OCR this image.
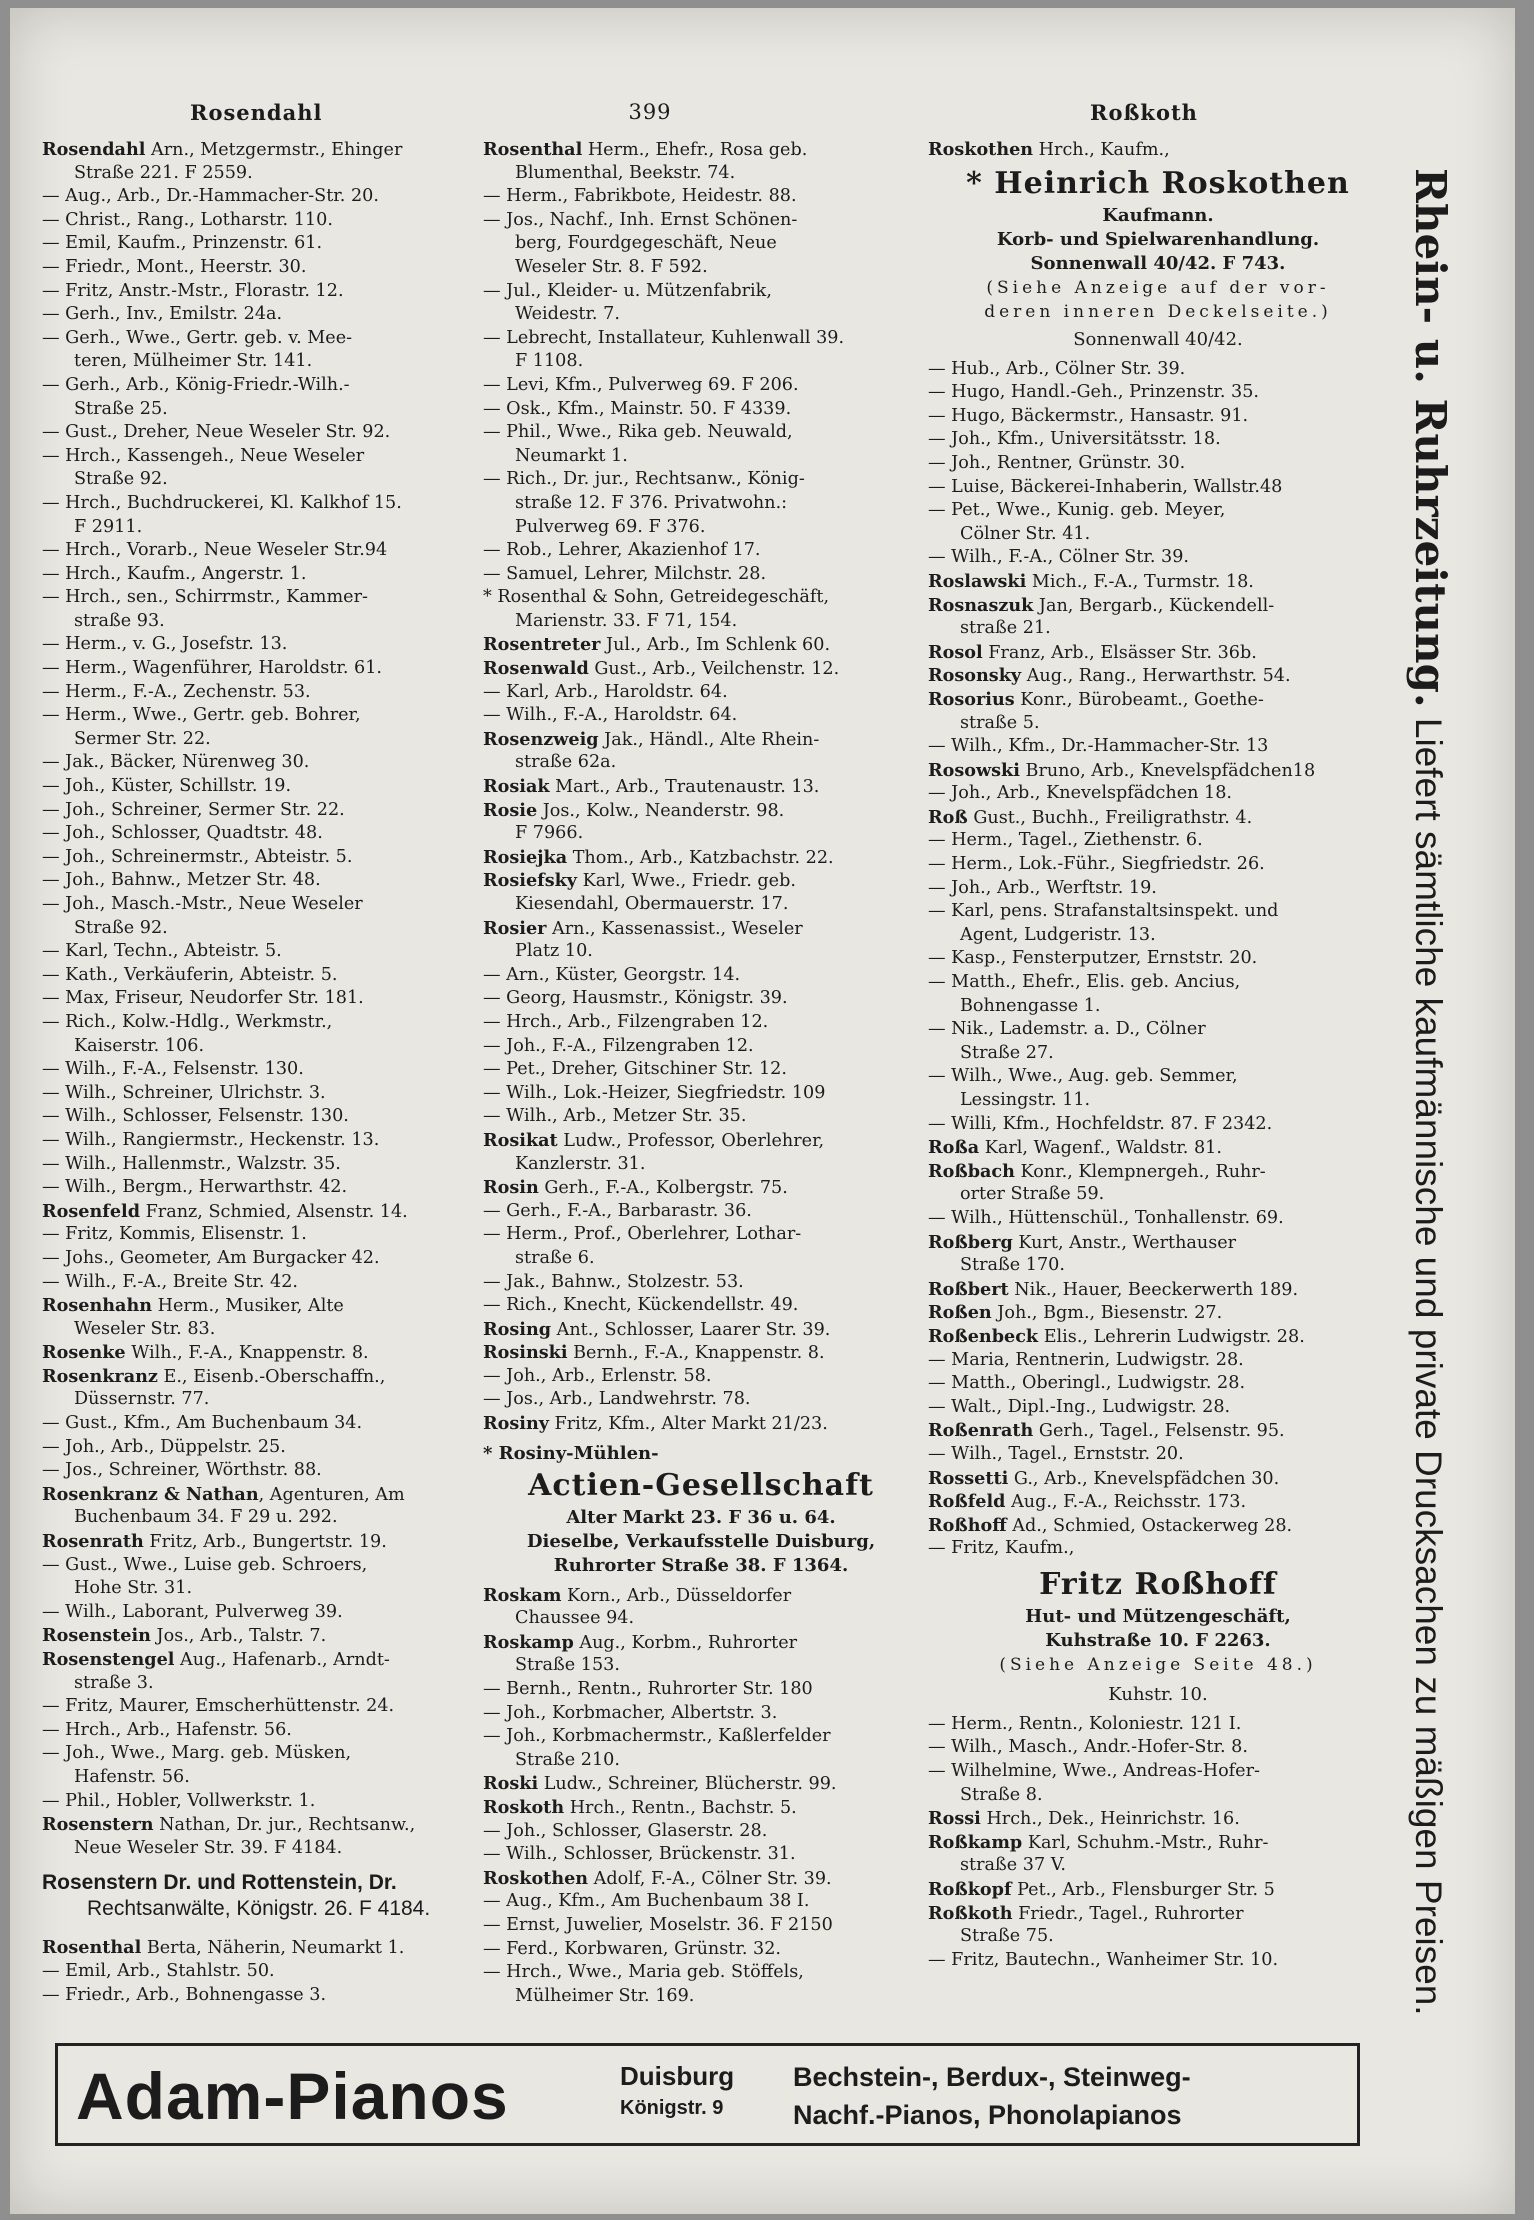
Rosendahl	399	Roßkoth
Rosendahl Arn., Metzgermstr., Ehinger
Straße 221. F 2559.
— Aug., Arb., Dr.-Hammacher-Str. 20.
— Christ., Rang., Lotharstr. 110.
— Emil, Kaufm., Prinzenstr. 61.
— Friedr., Mont., Heerstr. 30.
— Fritz, Anstr.-Mstr., Florastr. 12.
— Gerh., Inv., Emilstr. 24a.
— Gerh., Wwe., Gertr. geb. v. Mee-
teren, Mülheimer Str. 141.
— Gerh., Arb., König-Friedr.-Wilh.-
Straße 25.
— Gust., Dreher, Neue Weseler Str. 92.
— Hrch., Kassengeh., Neue Weseler
Straße 92.
— Hrch., Buchdruckerei, Kl. Kalkhof 15.
F 2911.
— Hrch., Vorarb., Neue Weseler Str.94
— Hrch., Kaufm., Angerstr. 1.
— Hrch., sen., Schirrmstr., Kammer-
straße 93.
— Herm., v. G., Josefstr. 13.
— Herm., Wagenführer, Haroldstr. 61.
— Herm., F.-A., Zechenstr. 53.
— Herm., Wwe., Gertr. geb. Bohrer,
Sermer Str. 22.
— Jak., Bäcker, Nürenweg 30.
— Joh., Küster, Schillstr. 19.
— Joh., Schreiner, Sermer Str. 22.
— Joh., Schlosser, Quadtstr. 48.
— Joh., Schreinermstr., Abteistr. 5.
— Joh., Bahnw., Metzer Str. 48.
— Joh., Masch.-Mstr., Neue Weseler
Straße 92.
— Karl, Techn., Abteistr. 5.
— Kath., Verkäuferin, Abteistr. 5.
— Max, Friseur, Neudorfer Str. 181.
— Rich., Kolw.-Hdlg., Werkmstr.,
Kaiserstr. 106.
— Wilh., F.-A., Felsenstr. 130.
— Wilh., Schreiner, Ulrichstr. 3.
— Wilh., Schlosser, Felsenstr. 130.
— Wilh., Rangiermstr., Heckenstr. 13.
— Wilh., Hallenmstr., Walzstr. 35.
— Wilh., Bergm., Herwarthstr. 42.
Rosenfeld Franz, Schmied, Alsenstr. 14.
— Fritz, Kommis, Elisenstr. 1.
— Johs., Geometer, Am Burgacker 42.
— Wilh., F.-A., Breite Str. 42.
Rosenhahn Herm., Musiker, Alte
Weseler Str. 83.
Rosenke Wilh., F.-A., Knappenstr. 8.
Rosenkranz E., Eisenb.-Oberschaffn.,
Düssernstr. 77.
— Gust., Kfm., Am Buchenbaum 34.
— Joh., Arb., Düppelstr. 25.
— Jos., Schreiner, Wörthstr. 88.
Rosenkranz & Nathan, Agenturen, Am
Buchenbaum 34. F 29 u. 292.
Rosenrath Fritz, Arb., Bungertstr. 19.
— Gust., Wwe., Luise geb. Schroers,
Hohe Str. 31.
— Wilh., Laborant, Pulverweg 39.
Rosenstein Jos., Arb., Talstr. 7.
Rosenstengel Aug., Hafenarb., Arndt-
straße 3.
— Fritz, Maurer, Emscherhüttenstr. 24.
— Hrch., Arb., Hafenstr. 56.
— Joh., Wwe., Marg. geb. Müsken,
Hafenstr. 56.
— Phil., Hobler, Vollwerkstr. 1.
Rosenstern Nathan, Dr. jur., Rechtsanw.,
Neue Weseler Str. 39. F 4184.
Rosenstern Dr. und Rottenstein, Dr.
Rechtsanwälte, Königstr. 26. F 4184.
Rosenthal Berta, Näherin, Neumarkt 1.
— Emil, Arb., Stahlstr. 50.
— Friedr., Arb., Bohnengasse 3.
Rosenthal Herm., Ehefr., Rosa geb.
Blumenthal, Beekstr. 74.
— Herm., Fabrikbote, Heidestr. 88.
— Jos., Nachf., Inh. Ernst Schönen-
berg, Fourdgegeschäft, Neue
Weseler Str. 8. F 592.
— Jul., Kleider- u. Mützenfabrik,
Weidestr. 7.
— Lebrecht, Installateur, Kuhlenwall 39.
F 1108.
— Levi, Kfm., Pulverweg 69. F 206.
— Osk., Kfm., Mainstr. 50. F 4339.
— Phil., Wwe., Rika geb. Neuwald,
Neumarkt 1.
— Rich., Dr. jur., Rechtsanw., König-
straße 12. F 376. Privatwohn.:
Pulverweg 69. F 376.
— Rob., Lehrer, Akazienhof 17.
— Samuel, Lehrer, Milchstr. 28.
* Rosenthal & Sohn, Getreidegeschäft,
Marienstr. 33. F 71, 154.
Rosentreter Jul., Arb., Im Schlenk 60.
Rosenwald Gust., Arb., Veilchenstr. 12.
— Karl, Arb., Haroldstr. 64.
— Wilh., F.-A., Haroldstr. 64.
Rosenzweig Jak., Händl., Alte Rhein-
straße 62a.
Rosiak Mart., Arb., Trautenaustr. 13.
Rosie Jos., Kolw., Neanderstr. 98.
F 7966.
Rosiejka Thom., Arb., Katzbachstr. 22.
Rosiefsky Karl, Wwe., Friedr. geb.
Kiesendahl, Obermauerstr. 17.
Rosier Arn., Kassenassist., Weseler
Platz 10.
— Arn., Küster, Georgstr. 14.
— Georg, Hausmstr., Königstr. 39.
— Hrch., Arb., Filzengraben 12.
— Joh., F.-A., Filzengraben 12.
— Pet., Dreher, Gitschiner Str. 12.
— Wilh., Lok.-Heizer, Siegfriedstr. 109
— Wilh., Arb., Metzer Str. 35.
Rosikat Ludw., Professor, Oberlehrer,
Kanzlerstr. 31.
Rosin Gerh., F.-A., Kolbergstr. 75.
— Gerh., F.-A., Barbarastr. 36.
— Herm., Prof., Oberlehrer, Lothar-
straße 6.
— Jak., Bahnw., Stolzestr. 53.
— Rich., Knecht, Kückendellstr. 49.
Rosing Ant., Schlosser, Laarer Str. 39.
Rosinski Bernh., F.-A., Knappenstr. 8.
— Joh., Arb., Erlenstr. 58.
— Jos., Arb., Landwehrstr. 78.
Rosiny Fritz, Kfm., Alter Markt 21/23.
* Rosiny-Mühlen-
Actien-Gesellschaft
Alter Markt 23. F 36 u. 64.
Dieselbe, Verkaufsstelle Duisburg,
Ruhrorter Straße 38. F 1364.
Roskam Korn., Arb., Düsseldorfer
Chaussee 94.
Roskamp Aug., Korbm., Ruhrorter
Straße 153.
— Bernh., Rentn., Ruhrorter Str. 180
— Joh., Korbmacher, Albertstr. 3.
— Joh., Korbmachermstr., Kaßlerfelder
Straße 210.
Roski Ludw., Schreiner, Blücherstr. 99.
Roskoth Hrch., Rentn., Bachstr. 5.
— Joh., Schlosser, Glaserstr. 28.
— Wilh., Schlosser, Brückenstr. 31.
Roskothen Adolf, F.-A., Cölner Str. 39.
— Aug., Kfm., Am Buchenbaum 38 I.
— Ernst, Juwelier, Moselstr. 36. F 2150
— Ferd., Korbwaren, Grünstr. 32.
— Hrch., Wwe., Maria geb. Stöffels,
Mülheimer Str. 169.
Roskothen Hrch., Kaufm.,
* Heinrich Roskothen
Kaufmann.
Korb- und Spielwarenhandlung.
Sonnenwall 40/42. F 743.
(Siehe Anzeige auf der vor-
deren inneren Deckelseite.)
Sonnenwall 40/42.
— Hub., Arb., Cölner Str. 39.
— Hugo, Handl.-Geh., Prinzenstr. 35.
— Hugo, Bäckermstr., Hansastr. 91.
— Joh., Kfm., Universitätsstr. 18.
— Joh., Rentner, Grünstr. 30.
— Luise, Bäckerei-Inhaberin, Wallstr.48
— Pet., Wwe., Kunig. geb. Meyer,
Cölner Str. 41.
— Wilh., F.-A., Cölner Str. 39.
Roslawski Mich., F.-A., Turmstr. 18.
Rosnaszuk Jan, Bergarb., Kückendell-
straße 21.
Rosol Franz, Arb., Elsässer Str. 36b.
Rosonsky Aug., Rang., Herwarthstr. 54.
Rosorius Konr., Bürobeamt., Goethe-
straße 5.
— Wilh., Kfm., Dr.-Hammacher-Str. 13
Rosowski Bruno, Arb., Knevelspfädchen18
— Joh., Arb., Knevelspfädchen 18.
Roß Gust., Buchh., Freiligrathstr. 4.
— Herm., Tagel., Ziethenstr. 6.
— Herm., Lok.-Führ., Siegfriedstr. 26.
— Joh., Arb., Werftstr. 19.
— Karl, pens. Strafanstaltsinspekt. und
Agent, Ludgeristr. 13.
— Kasp., Fensterputzer, Ernststr. 20.
— Matth., Ehefr., Elis. geb. Ancius,
Bohnengasse 1.
— Nik., Lademstr. a. D., Cölner
Straße 27.
— Wilh., Wwe., Aug. geb. Semmer,
Lessingstr. 11.
— Willi, Kfm., Hochfeldstr. 87. F 2342.
Roßa Karl, Wagenf., Waldstr. 81.
Roßbach Konr., Klempnergeh., Ruhr-
orter Straße 59.
— Wilh., Hüttenschül., Tonhallenstr. 69.
Roßberg Kurt, Anstr., Werthauser
Straße 170.
Roßbert Nik., Hauer, Beeckerwerth 189.
Roßen Joh., Bgm., Biesenstr. 27.
Roßenbeck Elis., Lehrerin Ludwigstr. 28.
— Maria, Rentnerin, Ludwigstr. 28.
— Matth., Oberingl., Ludwigstr. 28.
— Walt., Dipl.-Ing., Ludwigstr. 28.
Roßenrath Gerh., Tagel., Felsenstr. 95.
— Wilh., Tagel., Ernststr. 20.
Rossetti G., Arb., Knevelspfädchen 30.
Roßfeld Aug., F.-A., Reichsstr. 173.
Roßhoff Ad., Schmied, Ostackerweg 28.
— Fritz, Kaufm.,
Fritz Roßhoff
Hut- und Mützengeschäft,
Kuhstraße 10. F 2263.
(Siehe Anzeige Seite 48.)
Kuhstr. 10.
— Herm., Rentn., Koloniestr. 121 I.
— Wilh., Masch., Andr.-Hofer-Str. 8.
— Wilhelmine, Wwe., Andreas-Hofer-
Straße 8.
Rossi Hrch., Dek., Heinrichstr. 16.
Roßkamp Karl, Schuhm.-Mstr., Ruhr-
straße 37 V.
Roßkopf Pet., Arb., Flensburger Str. 5
Roßkoth Friedr., Tagel., Ruhrorter
Straße 75.
— Fritz, Bautechn., Wanheimer Str. 10.
Rhein- u. Ruhrzeitung. Liefert sämtliche kaufmännische und private Drucksachen zu mäßigen Preisen.
Adam-Pianos	Duisburg
Königstr. 9
Bechstein-, Berdux-, Steinweg-
Nachf.-Pianos, Phonolapianos
